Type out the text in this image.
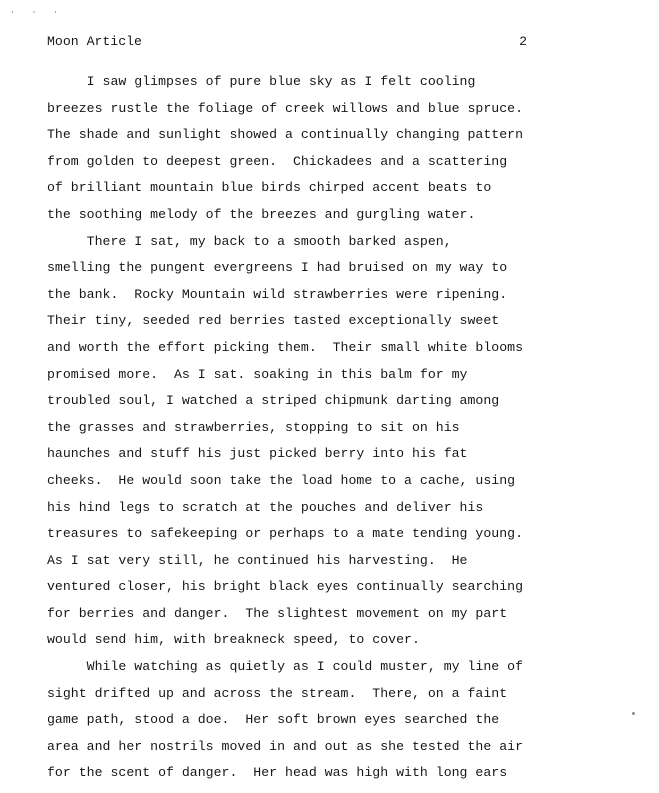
· · ·
Moon Article	2
I saw glimpses of pure blue sky as I felt cooling
breezes rustle the foliage of creek willows and blue spruce.
The shade and sunlight showed a continually changing pattern
from golden to deepest green.  Chickadees and a scattering
of brilliant mountain blue birds chirped accent beats to
the soothing melody of the breezes and gurgling water.
There I sat, my back to a smooth barked aspen,
smelling the pungent evergreens I had bruised on my way to
the bank.  Rocky Mountain wild strawberries were ripening.
Their tiny, seeded red berries tasted exceptionally sweet
and worth the effort picking them.  Their small white blooms
promised more.  As I sat. soaking in this balm for my
troubled soul, I watched a striped chipmunk darting among
the grasses and strawberries, stopping to sit on his
haunches and stuff his just picked berry into his fat
cheeks.  He would soon take the load home to a cache, using
his hind legs to scratch at the pouches and deliver his
treasures to safekeeping or perhaps to a mate tending young.
As I sat very still, he continued his harvesting.  He
ventured closer, his bright black eyes continually searching
for berries and danger.  The slightest movement on my part
would send him, with breakneck speed, to cover.
While watching as quietly as I could muster, my line of
sight drifted up and across the stream.  There, on a faint
game path, stood a doe.  Her soft brown eyes searched the
area and her nostrils moved in and out as she tested the air
for the scent of danger.  Her head was high with long ears
